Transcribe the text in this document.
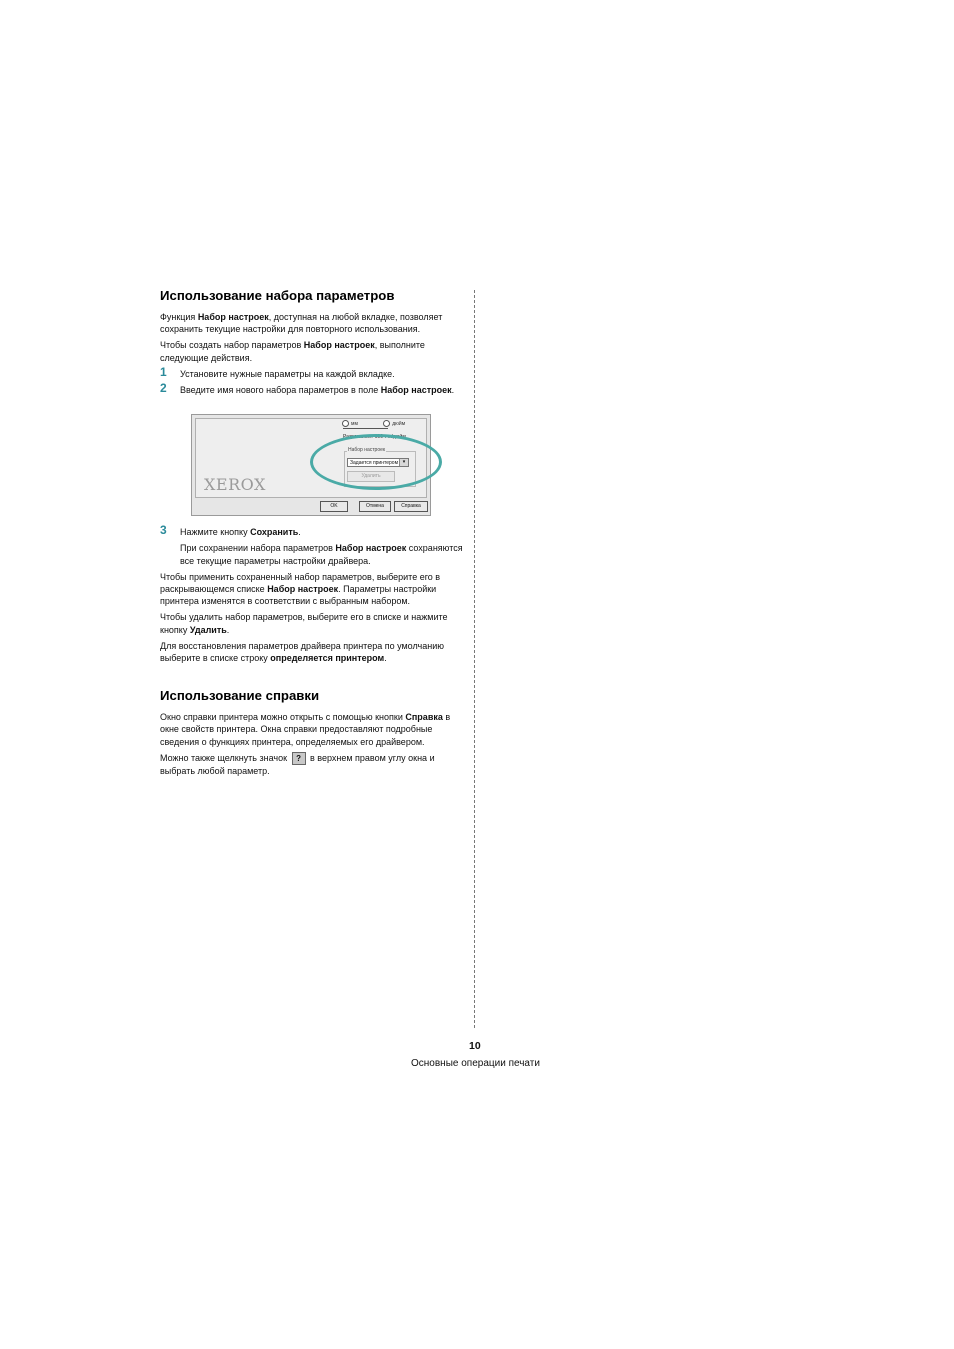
Использование набора параметров

Функция Набор настроек, доступная на любой вкладке, позволяет сохранить текущие настройки для повторного использования.

Чтобы создать набор параметров Набор настроек, выполните следующие действия.

1 Установите нужные параметры на каждой вкладке.
2 Введите имя нового набора параметров в поле Набор настроек.
мм	дюйм
Разрешение: 600 тчк/дюйм
Набор настроек
Задается принтером ▾
Удалить
XEROX
OK	Отмена	Справка
3 Нажмите кнопку Сохранить.

При сохранении набора параметров Набор настроек сохраняются все текущие параметры настройки драйвера.

Чтобы применить сохраненный набор параметров, выберите его в раскрывающемся списке Набор настроек. Параметры настройки принтера изменятся в соответствии с выбранным набором.

Чтобы удалить набор параметров, выберите его в списке и нажмите кнопку Удалить.

Для восстановления параметров драйвера принтера по умолчанию выберите в списке строку определяется принтером.

Использование справки

Окно справки принтера можно открыть с помощью кнопки Справка в окне свойств принтера. Окна справки предоставляют подробные сведения о функциях принтера, определяемых его драйвером.

Можно также щелкнуть значок ? в верхнем правом углу окна и выбрать любой параметр.

10
Основные операции печати
